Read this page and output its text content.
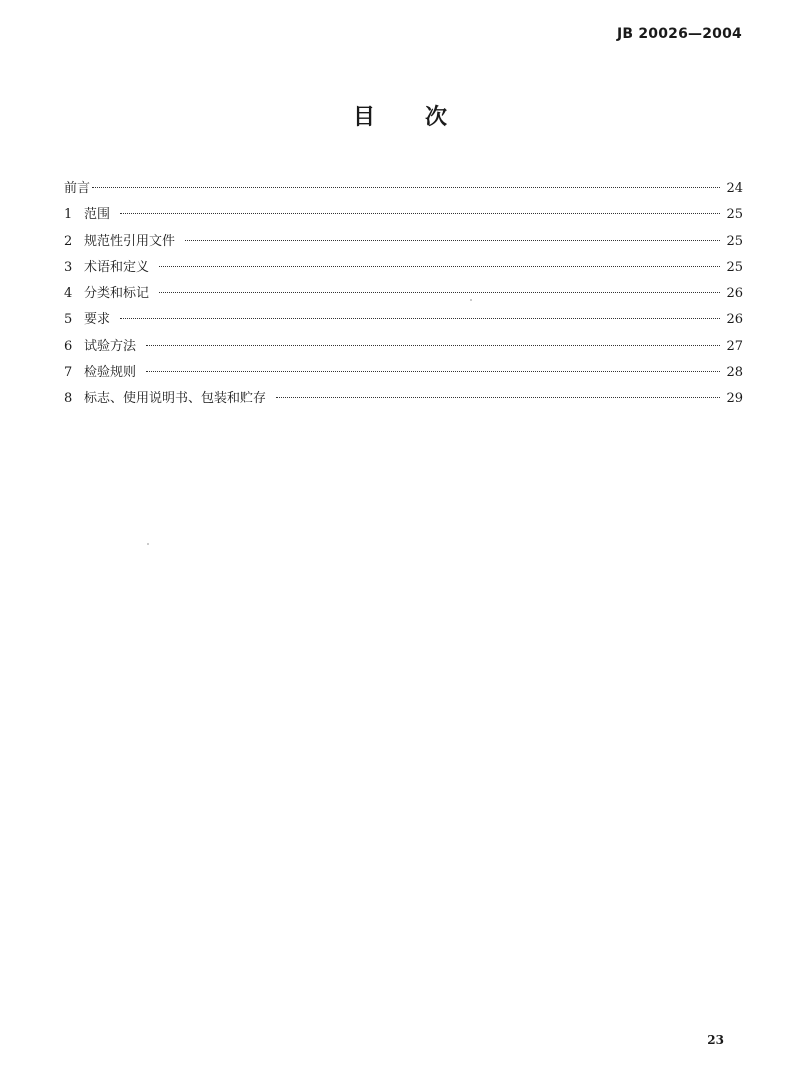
JB 20026—2004
目次
前言	24
1 范围	25
2 规范性引用文件	25
3 术语和定义	25
4 分类和标记	26
5 要求	26
6 试验方法	27
7 检验规则	28
8 标志、使用说明书、包装和贮存	29
23
